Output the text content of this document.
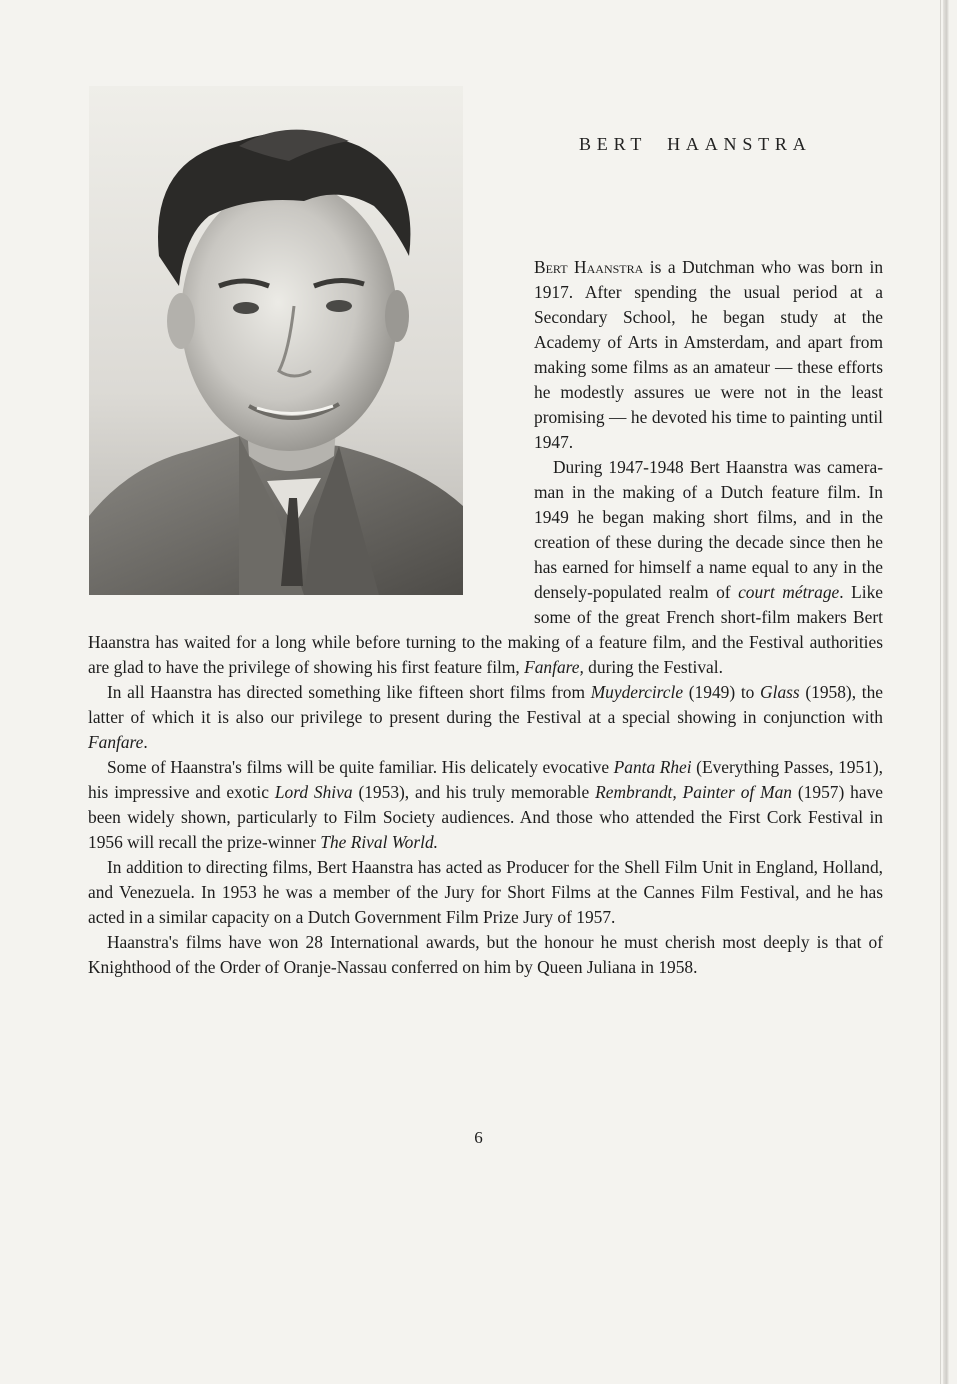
BERT HAANSTRA

Bert Haanstra is a Dutchman who was born in 1917. After spending the usual period at a Secondary School, he began study at the Academy of Arts in Amsterdam, and apart from making some films as an amateur — these efforts he modestly assures ue were not in the least promising — he devoted his time to painting until 1947.

During 1947-1948 Bert Haanstra was camera-man in the making of a Dutch feature film. In 1949 he began making short films, and in the creation of these during the decade since then he has earned for himself a name equal to any in the densely-populated realm of court métrage. Like some of the great French short-film makers Bert Haanstra has waited for a long while before turning to the making of a feature film, and the Festival authorities are glad to have the privilege of showing his first feature film, Fanfare, during the Festival.

In all Haanstra has directed something like fifteen short films from Muydercircle (1949) to Glass (1958), the latter of which it is also our privilege to present during the Festival at a special showing in conjunction with Fanfare.

Some of Haanstra's films will be quite familiar. His delicately evocative Panta Rhei (Everything Passes, 1951), his impressive and exotic Lord Shiva (1953), and his truly memorable Rembrandt, Painter of Man (1957) have been widely shown, particularly to Film Society audiences. And those who attended the First Cork Festival in 1956 will recall the prize-winner The Rival World.

In addition to directing films, Bert Haanstra has acted as Producer for the Shell Film Unit in England, Holland, and Venezuela. In 1953 he was a member of the Jury for Short Films at the Cannes Film Festival, and he has acted in a similar capacity on a Dutch Government Film Prize Jury of 1957.

Haanstra's films have won 28 International awards, but the honour he must cherish most deeply is that of Knighthood of the Order of Oranje-Nassau conferred on him by Queen Juliana in 1958.

6
